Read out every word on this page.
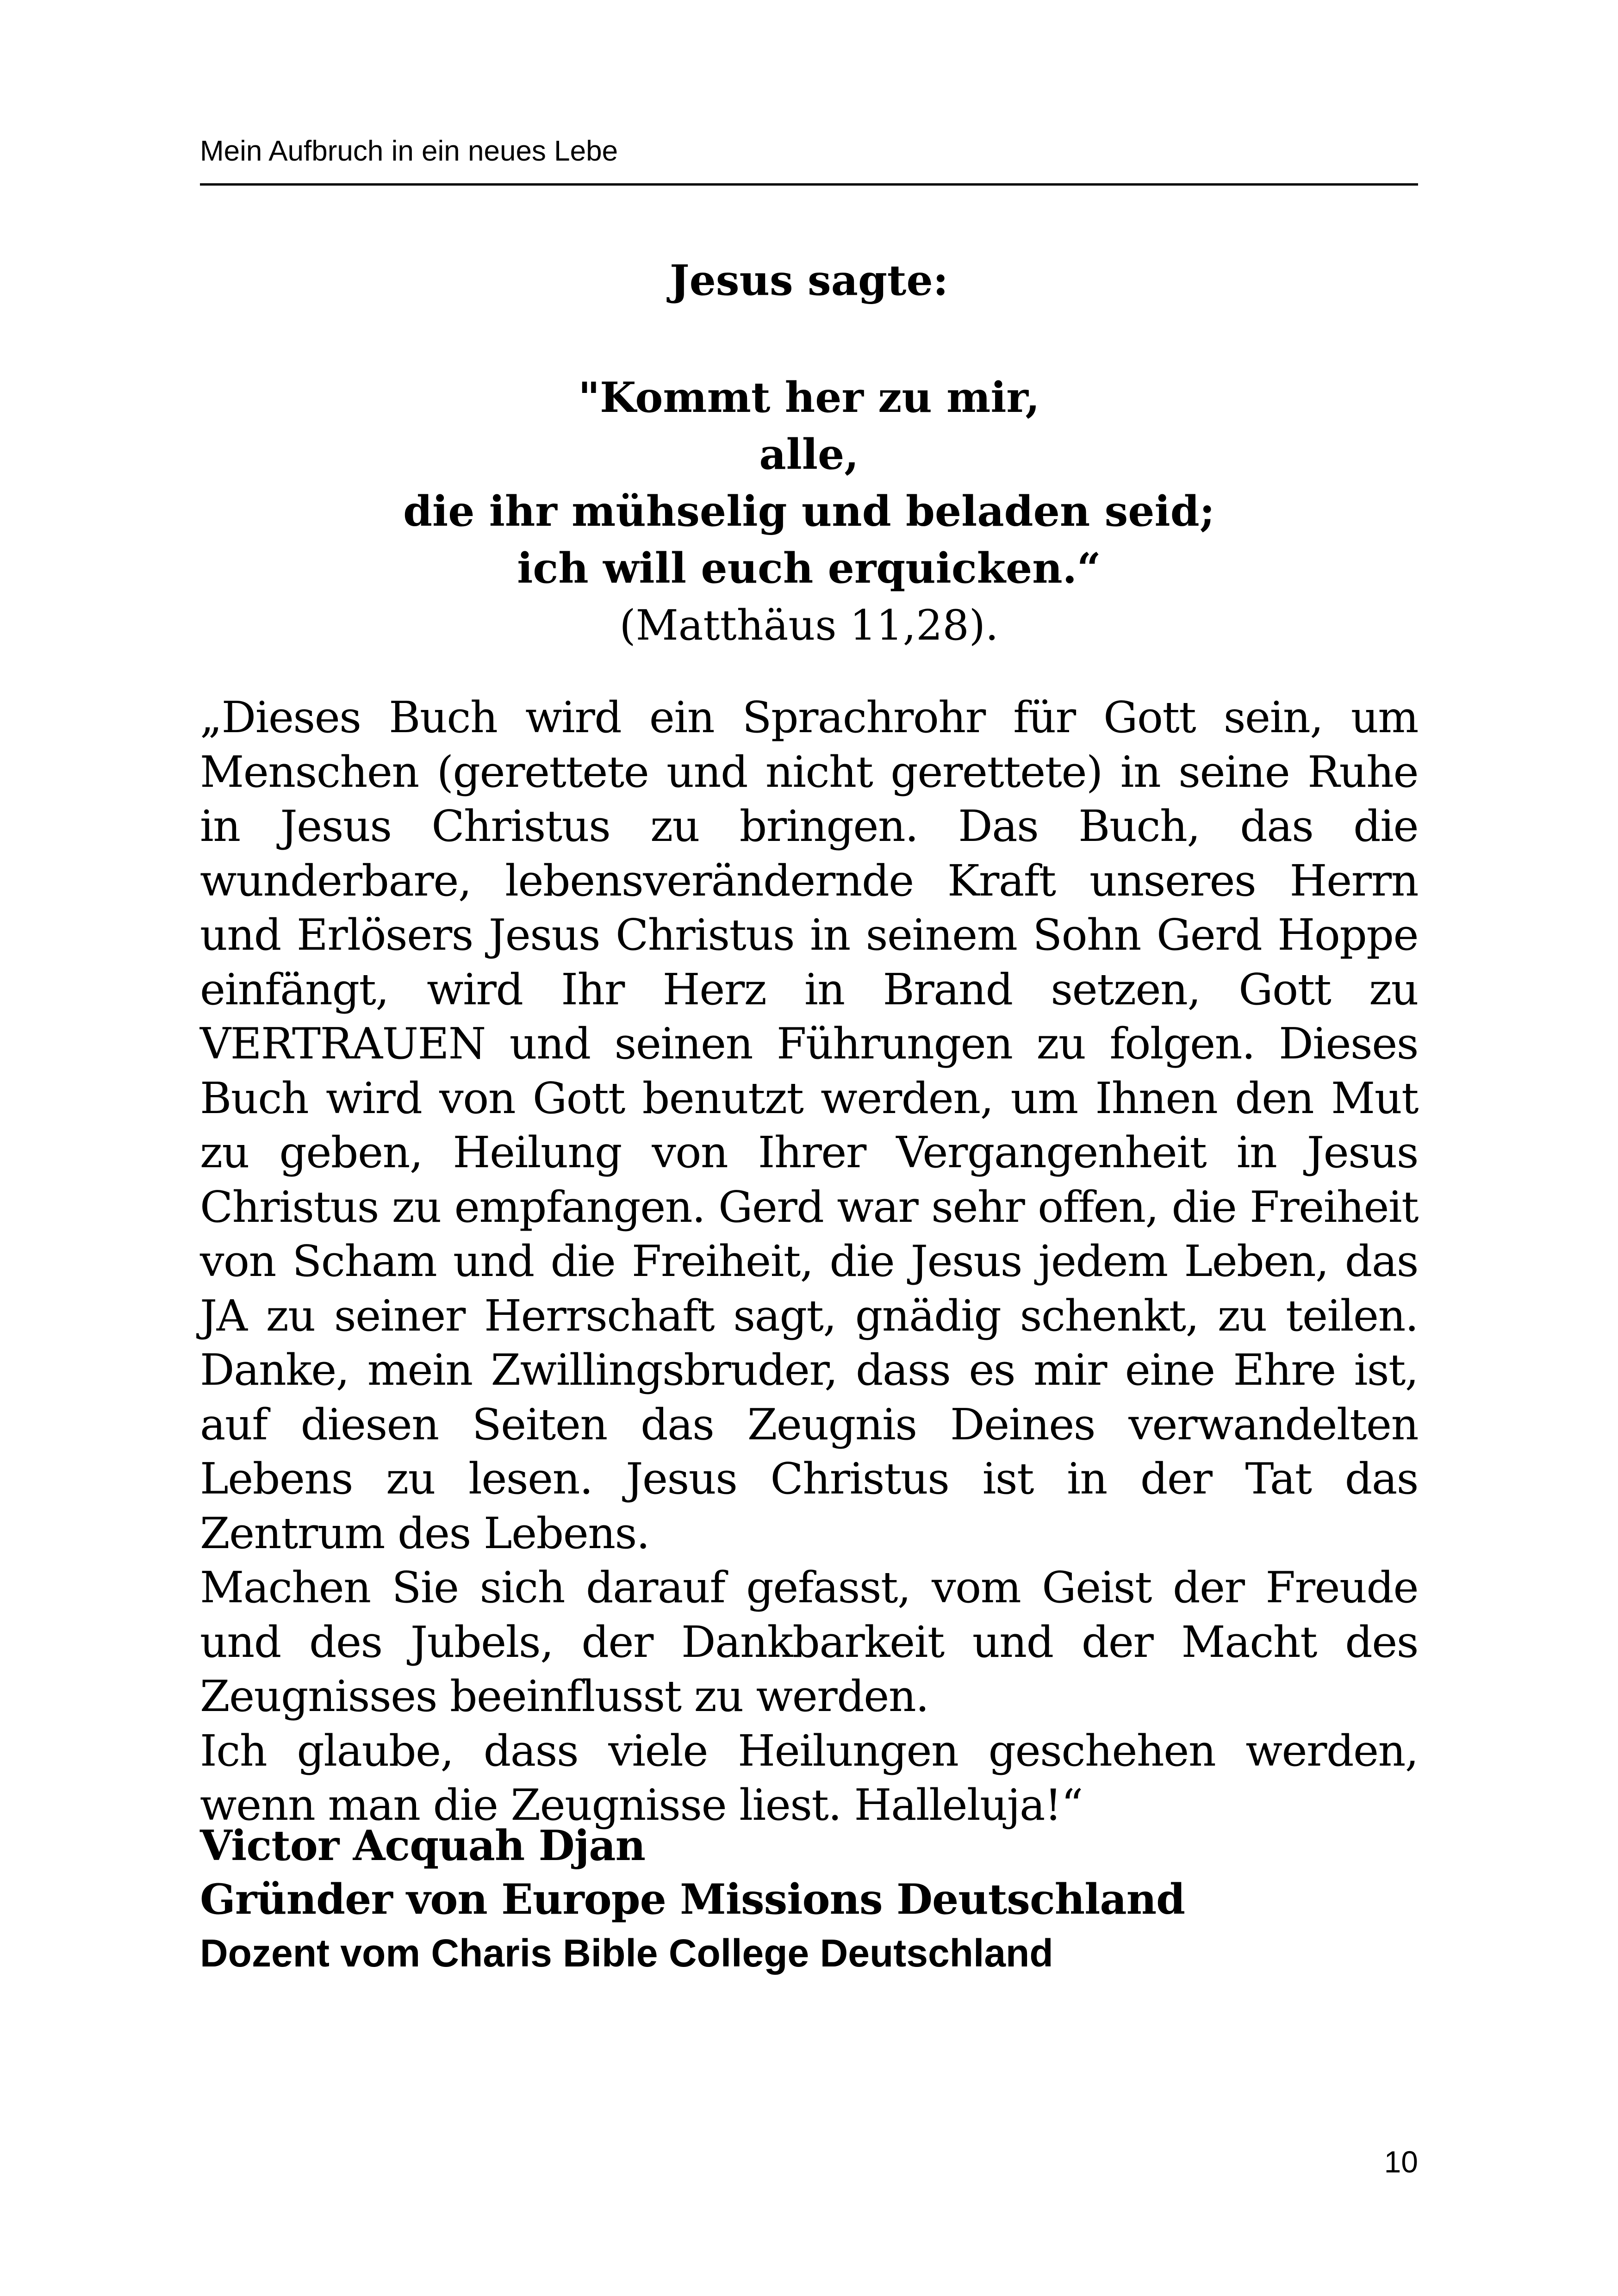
Mein Aufbruch in ein neues Lebe
Jesus sagte:
"Kommt her zu mir,
alle,
die ihr mühselig und beladen seid;
ich will euch erquicken.“
(Matthäus 11,28).

„Dieses Buch wird ein Sprachrohr für Gott sein, um Menschen (gerettete und nicht gerettete) in seine Ruhe in Jesus Christus zu bringen. Das Buch, das die wunderbare, lebensverändernde Kraft unseres Herrn und Erlösers Jesus Christus in seinem Sohn Gerd Hoppe einfängt, wird Ihr Herz in Brand setzen, Gott zu VERTRAUEN und seinen Führungen zu folgen. Dieses Buch wird von Gott benutzt werden, um Ihnen den Mut zu geben, Heilung von Ihrer Vergangenheit in Jesus Christus zu empfangen. Gerd war sehr offen, die Freiheit von Scham und die Freiheit, die Jesus jedem Leben, das JA zu seiner Herrschaft sagt, gnädig schenkt, zu teilen. Danke, mein Zwillingsbruder, dass es mir eine Ehre ist, auf diesen Seiten das Zeugnis Deines verwandelten Lebens zu lesen. Jesus Christus ist in der Tat das Zentrum des Lebens.

Machen Sie sich darauf gefasst, vom Geist der Freude und des Jubels, der Dankbarkeit und der Macht des Zeugnisses beeinflusst zu werden.

Ich glaube, dass viele Heilungen geschehen werden, wenn man die Zeugnisse liest. Halleluja!“

Victor Acquah Djan
Gründer von Europe Missions Deutschland
Dozent vom Charis Bible College Deutschland
10
